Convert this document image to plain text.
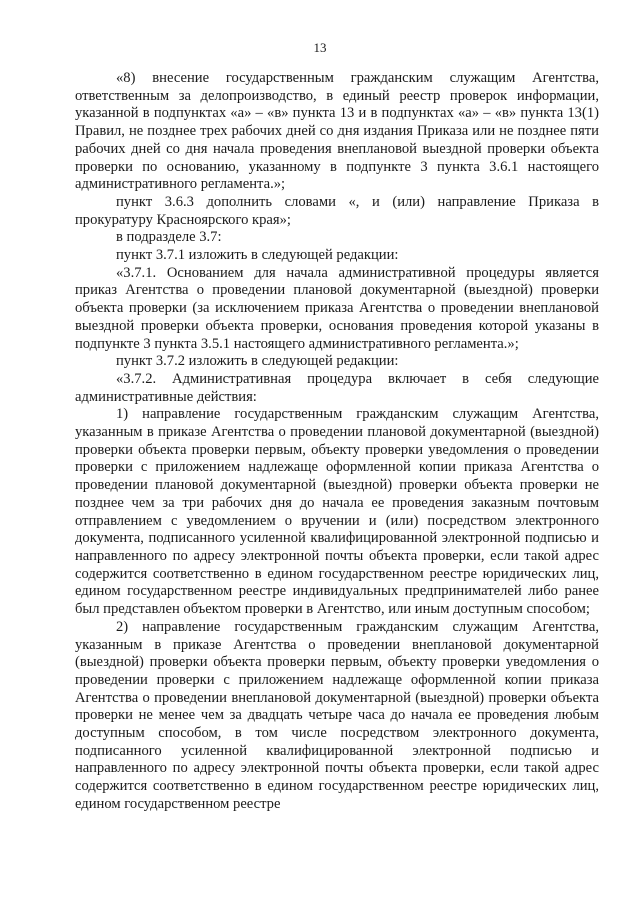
13

«8) внесение государственным гражданским служащим Агентства, ответственным за делопроизводство, в единый реестр проверок информации, указанной в подпунктах «а» – «в» пункта 13 и в подпунктах «а» – «в» пункта 13(1) Правил, не позднее трех рабочих дней со дня издания Приказа или не позднее пяти рабочих дней со дня начала проведения внеплановой выездной проверки объекта проверки по основанию, указанному в подпункте 3 пункта 3.6.1 настоящего административного регламента.»;

пункт 3.6.3 дополнить словами «, и (или) направление Приказа в прокуратуру Красноярского края»;

в подразделе 3.7:

пункт 3.7.1 изложить в следующей редакции:

«3.7.1. Основанием для начала административной процедуры является приказ Агентства о проведении плановой документарной (выездной) проверки объекта проверки (за исключением приказа Агентства о проведении внеплановой выездной проверки объекта проверки, основания проведения которой указаны в подпункте 3 пункта 3.5.1 настоящего административного регламента.»;

пункт 3.7.2 изложить в следующей редакции:

«3.7.2. Административная процедура включает в себя следующие административные действия:

1) направление государственным гражданским служащим Агентства, указанным в приказе Агентства о проведении плановой документарной (выездной) проверки объекта проверки первым, объекту проверки уведомления о проведении проверки с приложением надлежаще оформленной копии приказа Агентства о проведении плановой документарной (выездной) проверки объекта проверки не позднее чем за три рабочих дня до начала ее проведения заказным почтовым отправлением с уведомлением о вручении и (или) посредством электронного документа, подписанного усиленной квалифицированной электронной подписью и направленного по адресу электронной почты объекта проверки, если такой адрес содержится соответственно в едином государственном реестре юридических лиц, едином государственном реестре индивидуальных предпринимателей либо ранее был представлен объектом проверки в Агентство, или иным доступным способом;

2) направление государственным гражданским служащим Агентства, указанным в приказе Агентства о проведении внеплановой документарной (выездной) проверки объекта проверки первым, объекту проверки уведомления о проведении проверки с приложением надлежаще оформленной копии приказа Агентства о проведении внеплановой документарной (выездной) проверки объекта проверки не менее чем за двадцать четыре часа до начала ее проведения любым доступным способом, в том числе посредством электронного документа, подписанного усиленной квалифицированной электронной подписью и направленного по адресу электронной почты объекта проверки, если такой адрес содержится соответственно в едином государственном реестре юридических лиц, едином государственном реестре
